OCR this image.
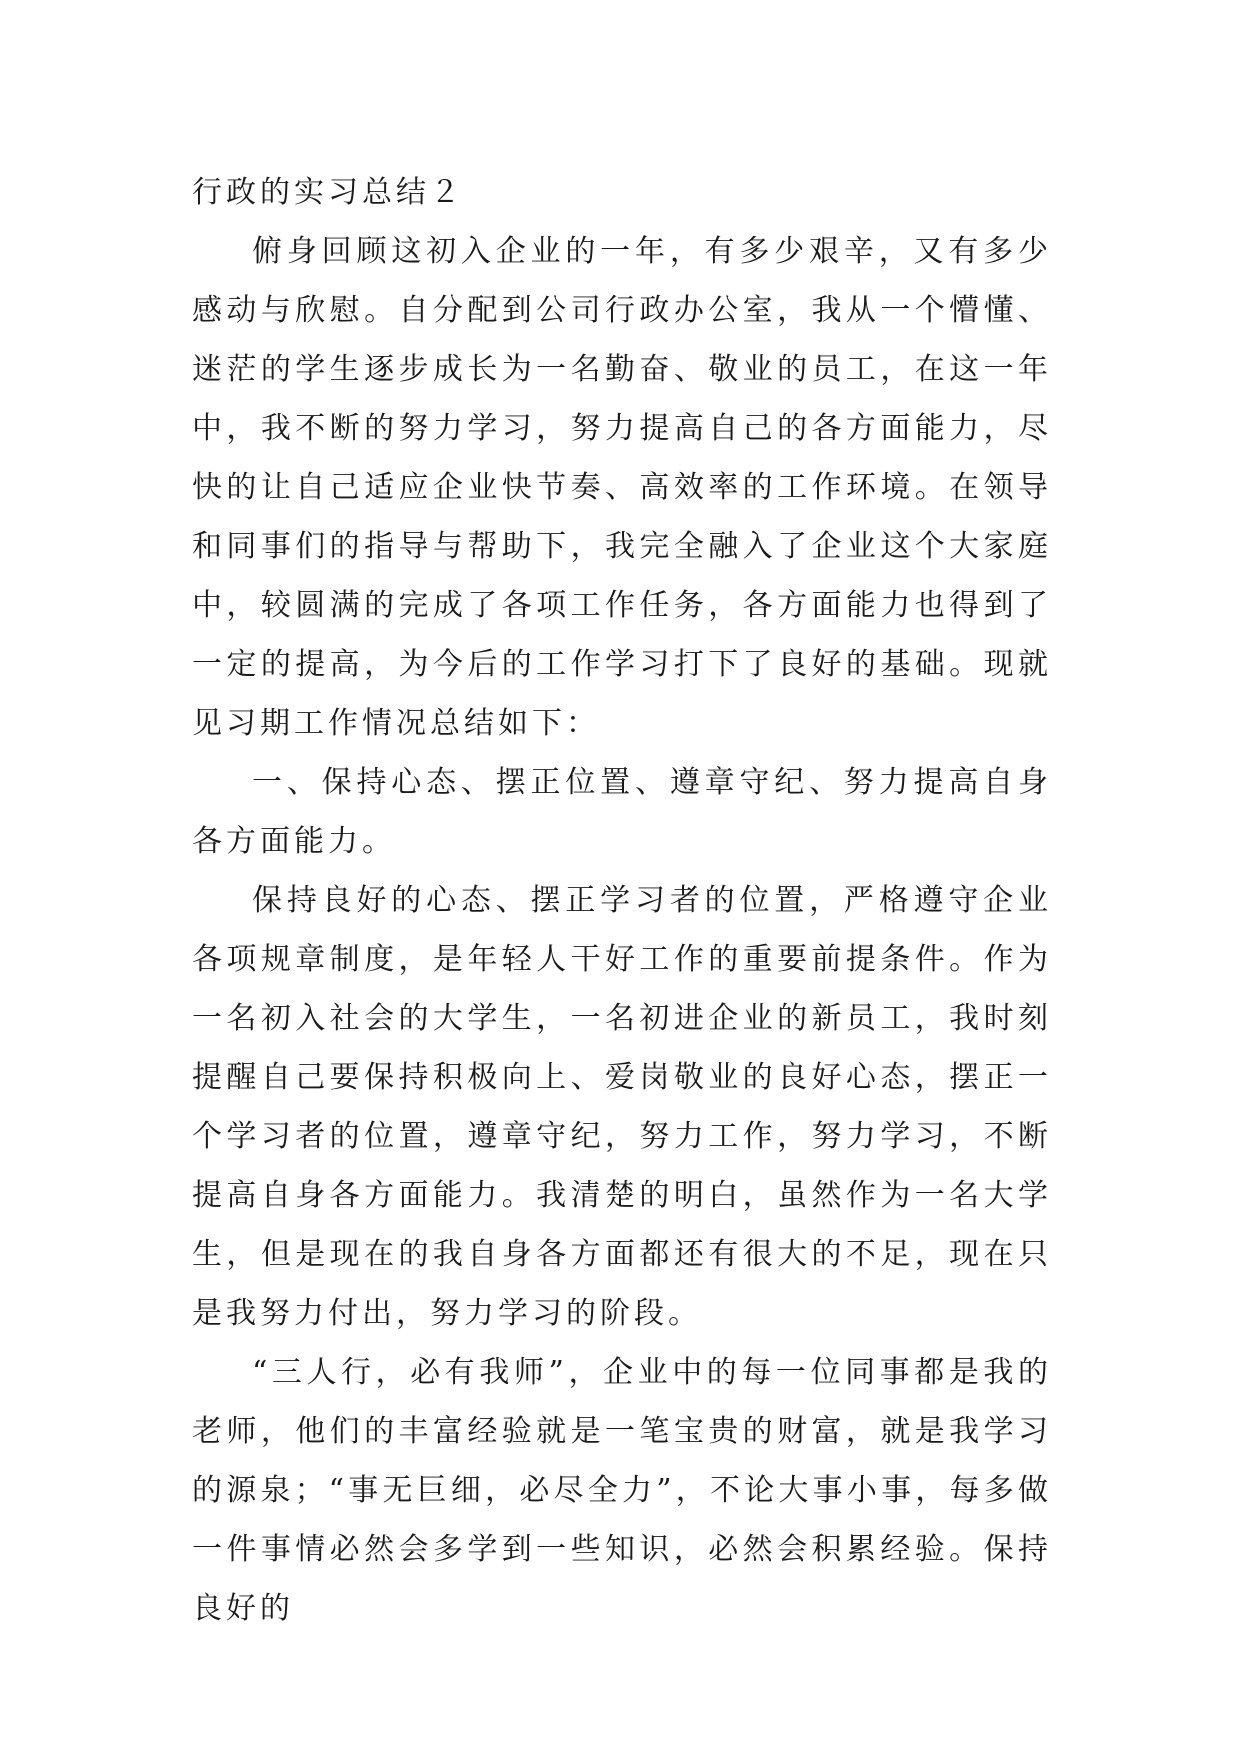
行政的实习总结２

俯身回顾这初入企业的一年，有多少艰辛，又有多少感动与欣慰。自分配到公司行政办公室，我从一个懵懂、迷茫的学生逐步成长为一名勤奋、敬业的员工，在这一年中，我不断的努力学习，努力提高自己的各方面能力，尽快的让自己适应企业快节奏、高效率的工作环境。在领导和同事们的指导与帮助下，我完全融入了企业这个大家庭中，较圆满的完成了各项工作任务，各方面能力也得到了一定的提高，为今后的工作学习打下了良好的基础。现就见习期工作情况总结如下：

一、保持心态、摆正位置、遵章守纪、努力提高自身各方面能力。

保持良好的心态、摆正学习者的位置，严格遵守企业各项规章制度，是年轻人干好工作的重要前提条件。作为一名初入社会的大学生，一名初进企业的新员工，我时刻提醒自己要保持积极向上、爱岗敬业的良好心态，摆正一个学习者的位置，遵章守纪，努力工作，努力学习，不断提高自身各方面能力。我清楚的明白，虽然作为一名大学生，但是现在的我自身各方面都还有很大的不足，现在只是我努力付出，努力学习的阶段。

“三人行，必有我师”，企业中的每一位同事都是我的老师，他们的丰富经验就是一笔宝贵的财富，就是我学习的源泉；“事无巨细，必尽全力”，不论大事小事，每多做一件事情必然会多学到一些知识，必然会积累经验。保持良好的
